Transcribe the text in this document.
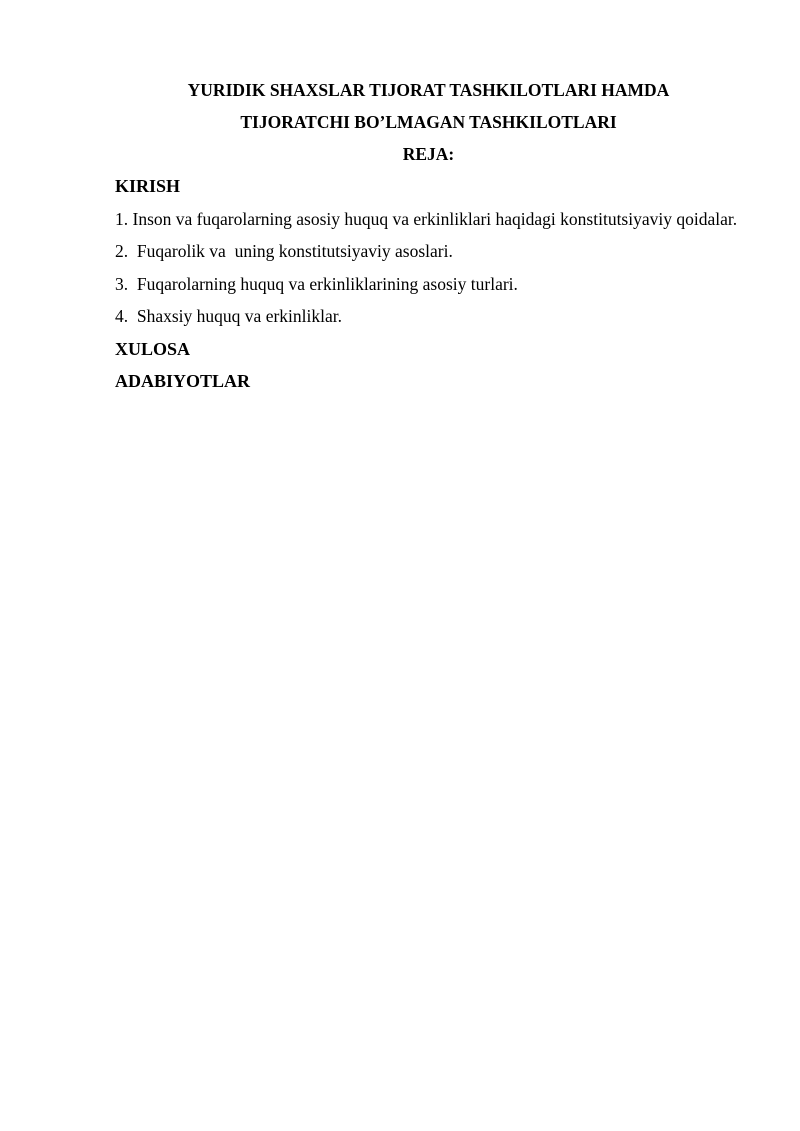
YURIDIK SHAXSLAR TIJORAT TASHKILOTLARI HAMDA
TIJORATCHI BO’LMAGAN TASHKILOTLARI
REJA:

KIRISH

1. Inson va fuqarolarning asosiy huquq va erkinliklari haqidagi konstitutsiyaviy qoidalar.

2.  Fuqarolik va  uning konstitutsiyaviy asoslari.

3.  Fuqarolarning huquq va erkinliklarining asosiy turlari.

4.  Shaxsiy huquq va erkinliklar.

XULOSA

ADABIYOTLAR
